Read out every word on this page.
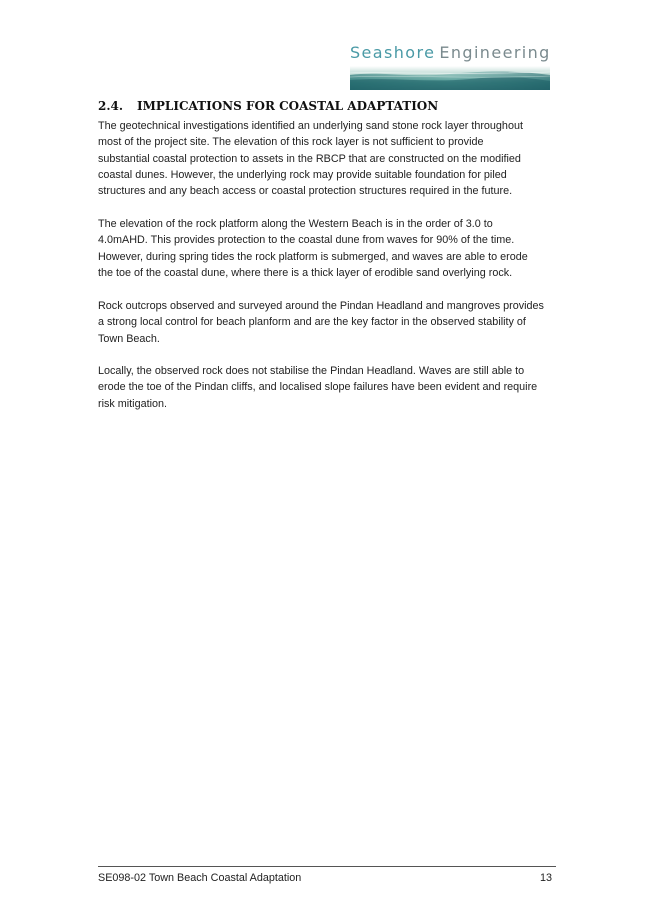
Seashore Engineering
2.4. IMPLICATIONS FOR COASTAL ADAPTATION
The geotechnical investigations identified an underlying sand stone rock layer throughout
most of the project site. The elevation of this rock layer is not sufficient to provide
substantial coastal protection to assets in the RBCP that are constructed on the modified
coastal dunes. However, the underlying rock may provide suitable foundation for piled
structures and any beach access or coastal protection structures required in the future.
The elevation of the rock platform along the Western Beach is in the order of 3.0 to
4.0mAHD. This provides protection to the coastal dune from waves for 90% of the time.
However, during spring tides the rock platform is submerged, and waves are able to erode
the toe of the coastal dune, where there is a thick layer of erodible sand overlying rock.
Rock outcrops observed and surveyed around the Pindan Headland and mangroves provides
a strong local control for beach planform and are the key factor in the observed stability of
Town Beach.
Locally, the observed rock does not stabilise the Pindan Headland. Waves are still able to
erode the toe of the Pindan cliffs, and localised slope failures have been evident and require
risk mitigation.
SE098-02 Town Beach Coastal Adaptation	13
